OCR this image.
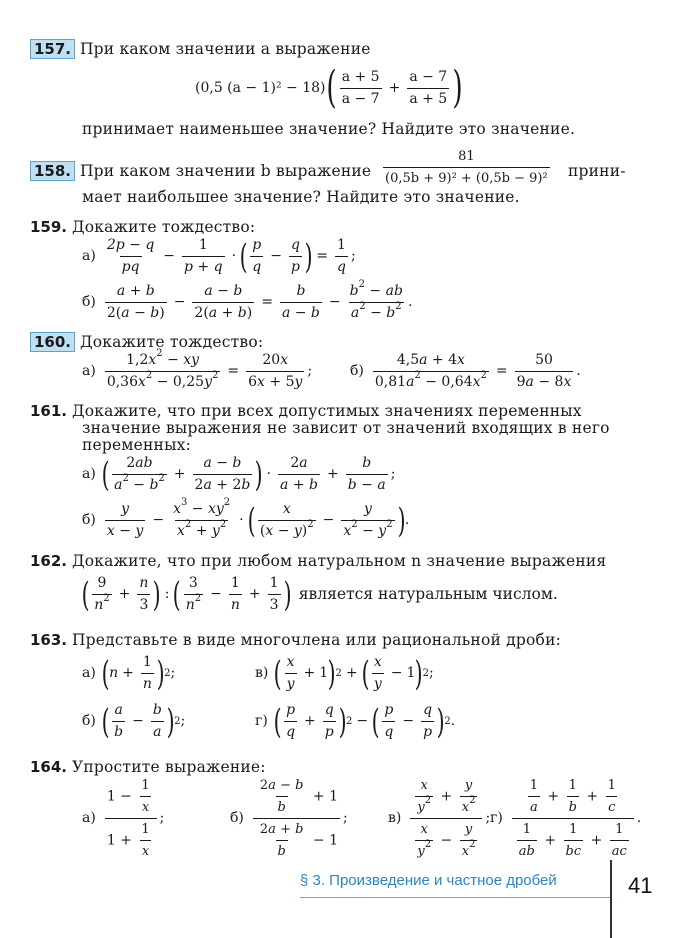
157. При каком значении a выражение
(0,5 (a − 1)² − 18) ( a + 5
a − 7
+ $\frac{a - 7}{a + 5}$ )
принимает наименьшее значение? Найдите это значение.
158. При каком значении b выражение
81
(0,5b + 9)² + (0,5b − 9)² прини-
мает наибольшее значение? Найдите это значение.
159. Докажите тождество:
а)
2p − q
pq
− $\frac{1}{p + q}$ · ( p
q
− $\frac{q}{p}$ ) = $\frac{1}{q}$ ;
б)
a + b
2(a − b)
− $\frac{a - b}{2(a + b)} = \frac{b}{a - b} - \frac{b^2 - ab}{a^2 - b^2}$ .
160. Докажите тождество:
$а) \frac{1,2x^2 - xy}{0,36x^2 - 0,25y^2} = \frac{20x}{6x + 5y}$ ;	$б) \frac{4,5a + 4x}{0,81a^2 - 0,64x^2} = \frac{50}{9a - 8x}$ .
161. Докажите, что при всех допустимых значениях переменных
значение выражения не зависит от значений входящих в него
переменных:
а) ( 2ab
$a^2 - b^2 + \frac{a - b}{2a + 2b}$ ) ·
2a
a + b
+ $\frac{b}{b - a}$ ;
б)
y
x − y
− $\frac{x^3 - xy^2}{x^2 + y^2}$ · ( x
$(x - y)^2 - \frac{y}{x^2 - y^2}$ ) .
162. Докажите, что при любом натуральном n значение выражения
( 9
$n^2 + \frac{n}{3}$ ) : ( 3
$n^2 - \frac{1}{n} + \frac{1}{3}$ ) является натуральным числом.
163. Представьте в виде многочлена или рациональной дроби:
а) ( $n + \frac{1}{n}$ ) 2 ;	в) ( x
y
+ 1 ) 2 + ( x
y
− 1 ) 2 ;
б) ( a
b
− $\frac{b}{a}$ ) 2 ;	г) ( p
q
+ $\frac{q}{p}$ ) 2 − ( p
q
− $\frac{q}{p}$ ) 2 .
164. Упростите выражение:
а)
$1 - \frac{1}{x}$
$1 + \frac{1}{x}$
;	б)
$\frac{2a - b}{b} + 1$
$\frac{2a + b}{b} - 1$
;	в)
$\frac{x}{y^2} + \frac{y}{x^2}$
$\frac{x}{y^2} - \frac{y}{x^2}$
; г)
$\frac{1}{a} + \frac{1}{b} + \frac{1}{c}$
$\frac{1}{ab} + \frac{1}{bc} + \frac{1}{ac}$
.
§ 3. Произведение и частное дробей	41
